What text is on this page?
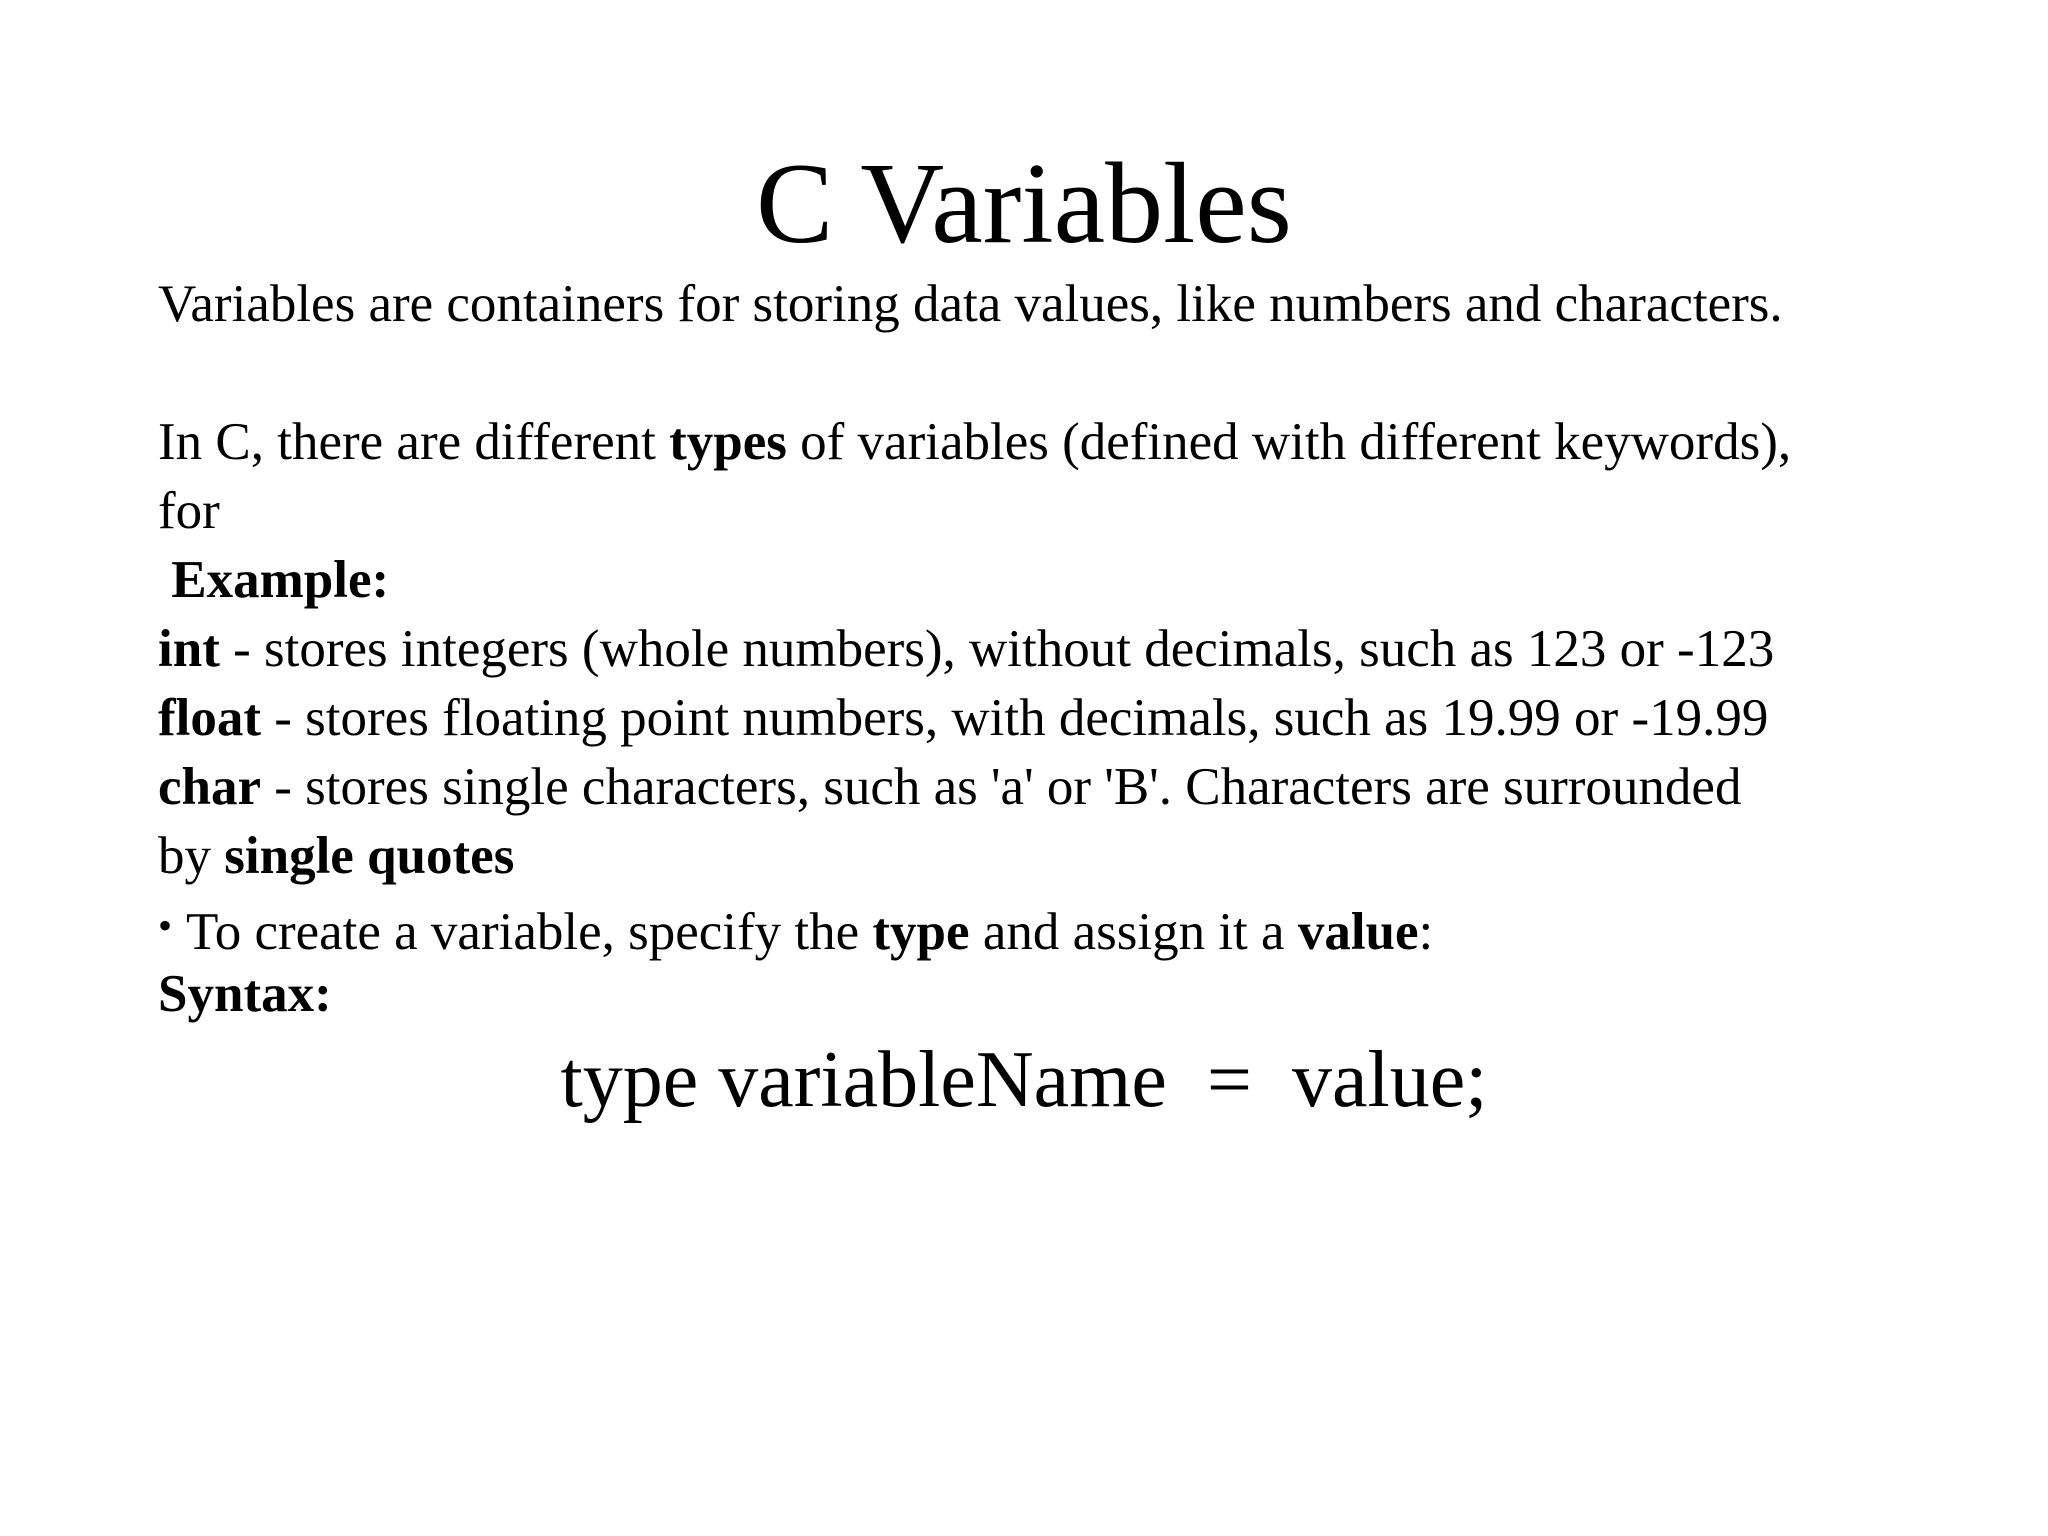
C Variables
Variables are containers for storing data values, like numbers and characters.
In C, there are different types of variables (defined with different keywords),
for
Example:
int - stores integers (whole numbers), without decimals, such as 123 or -123
float - stores floating point numbers, with decimals, such as 19.99 or -19.99
char - stores single characters, such as 'a' or 'B'. Characters are surrounded
by single quotes
• To create a variable, specify the type and assign it a value:
Syntax:
type variableName  =  value;
